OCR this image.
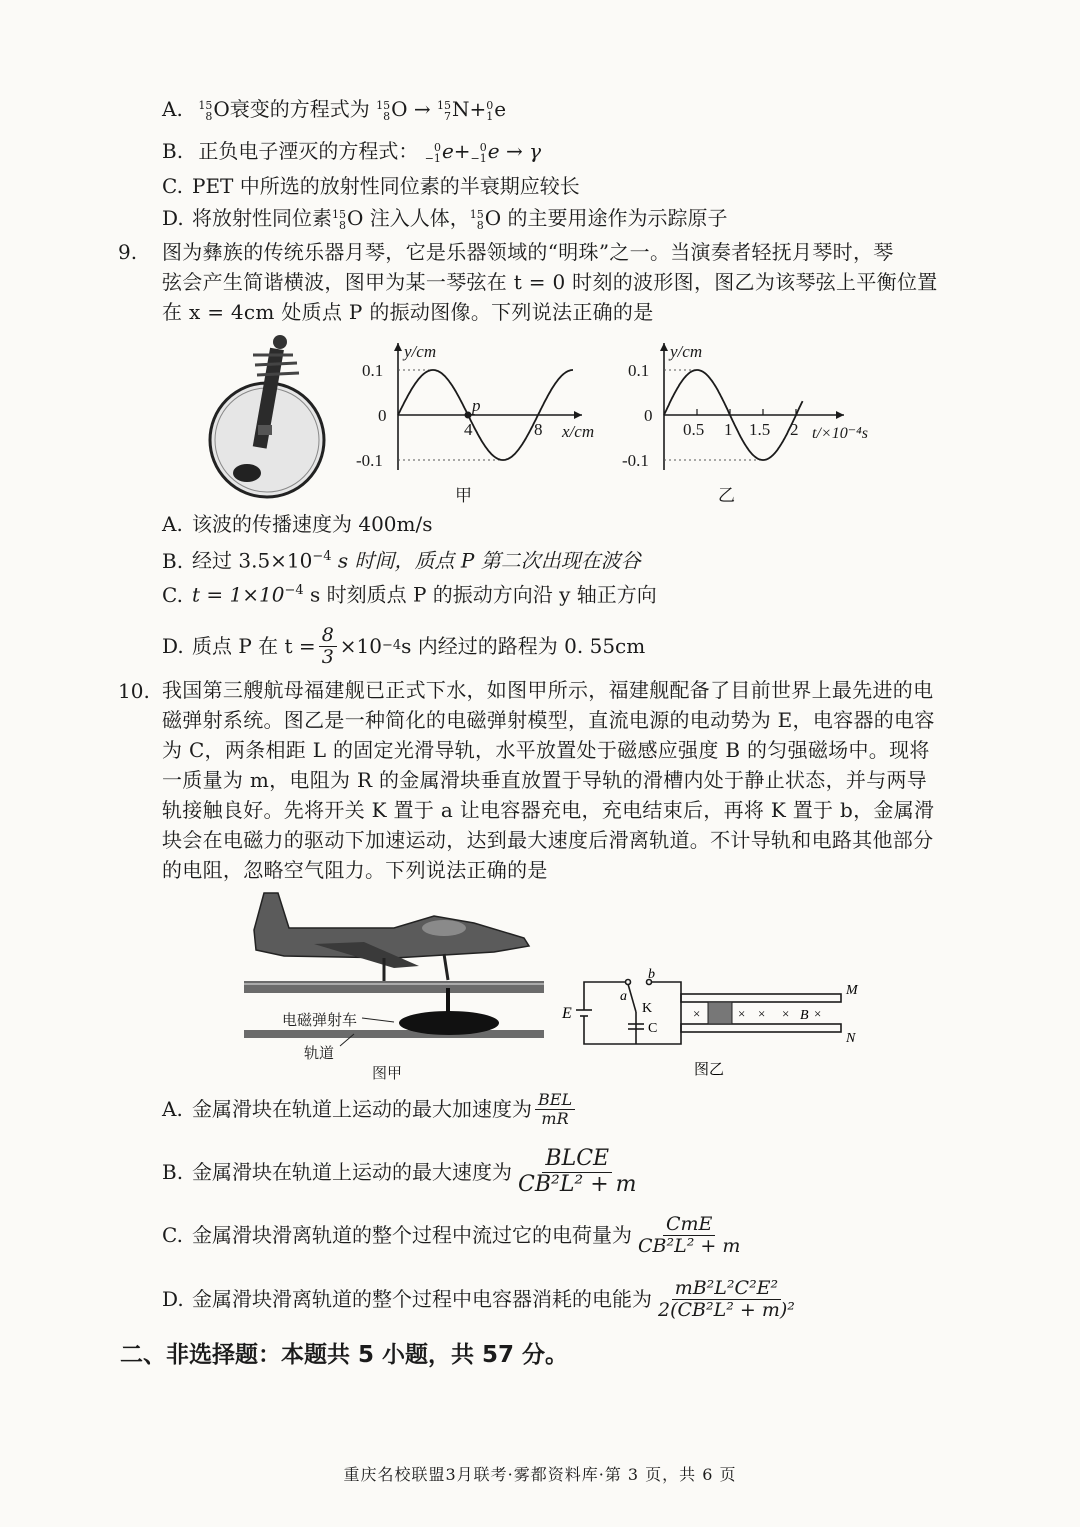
A. 15
8 O衰变的方程式为 15
8 O → 15
7 N+ 0
1 e
B. 正负电子湮灭的方程式：	0
−1 e+ 0
−1 e → γ
C. PET 中所选的放射性同位素的半衰期应较长
D. 将放射性同位素 15
8 O 注入人体， 15
8 O 的主要用途作为示踪原子
9. 图为彝族的传统乐器月琴，它是乐器领域的“明珠”之一。当演奏者轻抚月琴时，琴
弦会产生简谐横波，图甲为某一琴弦在 t = 0 时刻的波形图，图乙为该琴弦上平衡位置
在 x = 4cm 处质点 P 的振动图像。下列说法正确的是
0.1
0
-0.1
y/cm
4	8 x/cm
p
甲
0.1
0
-0.1
y/cm
0.5 1 1.5 2 t/×10⁻⁴s
乙
A. 该波的传播速度为 400m/s
B. 经过 $3.5\times 10^{-4}$ s 时间，质点 P 第二次出现在波谷
C. $t = 1\times 10^{-4}$ s 时刻质点 P 的振动方向沿 y 轴正方向
D. 质点 P 在 $t = \frac{8}{3} \times 10 -4$ s 内经过的路程为 0. 55cm
10. 我国第三艘航母福建舰已正式下水，如图甲所示，福建舰配备了目前世界上最先进的电
磁弹射系统。图乙是一种简化的电磁弹射模型，直流电源的电动势为 E，电容器的电容
为 C，两条相距 L 的固定光滑导轨，水平放置处于磁感应强度 B 的匀强磁场中。现将
一质量为 m，电阻为 R 的金属滑块垂直放置于导轨的滑槽内处于静止状态，并与两导
轨接触良好。先将开关 K 置于 a 让电容器充电，充电结束后，再将 K 置于 b，金属滑
块会在电磁力的驱动下加速运动，达到最大速度后滑离轨道。不计导轨和电路其他部分
的电阻，忽略空气阻力。下列说法正确的是
电磁弹射车
轨道
图甲
E
a
b
K
C
M
N
× × × B ×
×
图乙
A. 金属滑块在轨道上运动的最大加速度为 $\frac{\text{BEL}}{mR}$
B. 金属滑块在轨道上运动的最大速度为 $\frac{\text{BLCE}}{\text{CB²L² + m}}$
C. 金属滑块滑离轨道的整个过程中流过它的电荷量为 $\frac{\text{CmE}}{\text{CB²L² + m}}$
D. 金属滑块滑离轨道的整个过程中电容器消耗的电能为 $\frac{\text{mB²L²C²E²}}{\text{2(CB²L² + m)²}}$
二、非选择题：本题共 5 小题，共 57 分。
重庆名校联盟3月联考·雾都资料库·第 3 页，共 6 页
